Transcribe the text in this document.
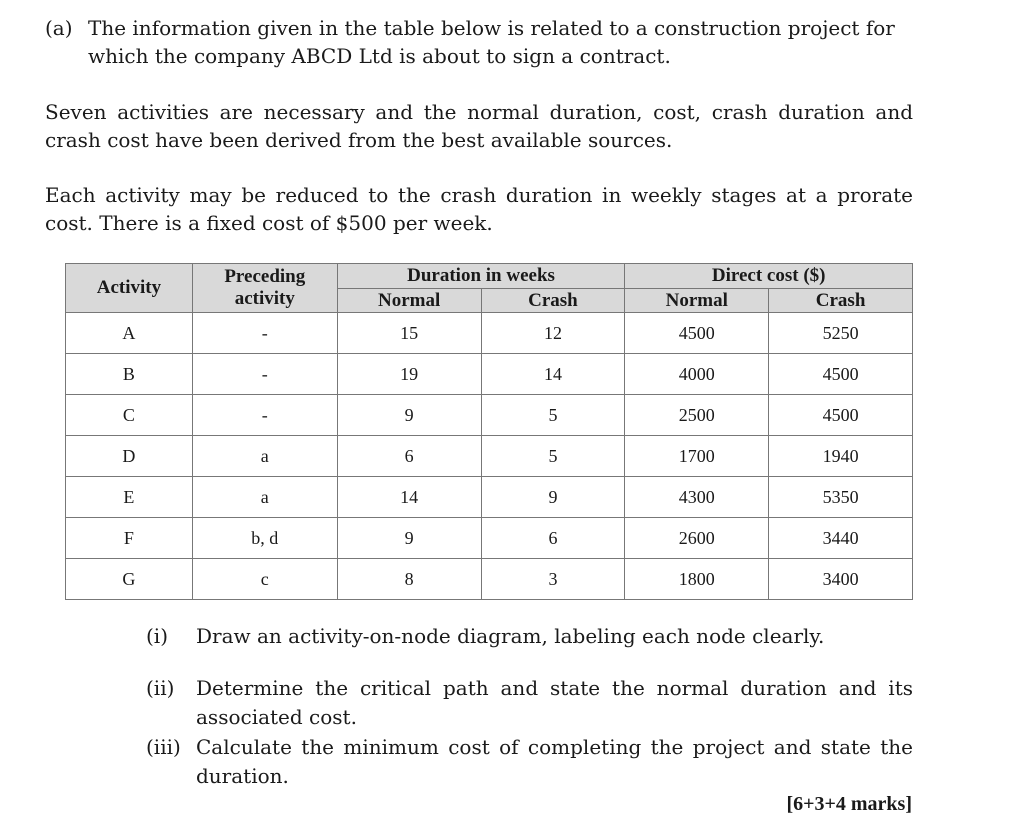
(a) The information given in the table below is related to a construction project for which the company ABCD Ltd is about to sign a contract.

Seven activities are necessary and the normal duration, cost, crash duration and crash cost have been derived from the best available sources.

Each activity may be reduced to the crash duration in weekly stages at a prorate cost. There is a fixed cost of $500 per week.

Activity	Preceding activity	Duration in weeks		Direct cost ($)	
		Normal	Crash	Normal	Crash
A	-	15	12	4500	5250
B	-	19	14	4000	4500
C	-	9	5	2500	4500
D	a	6	5	1700	1940
E	a	14	9	4300	5350
F	b, d	9	6	2600	3440
G	c	8	3	1800	3400
(i) Draw an activity-on-node diagram, labeling each node clearly.
(ii) Determine the critical path and state the normal duration and its associated cost.
(iii) Calculate the minimum cost of completing the project and state the duration.
[6+3+4 marks]
